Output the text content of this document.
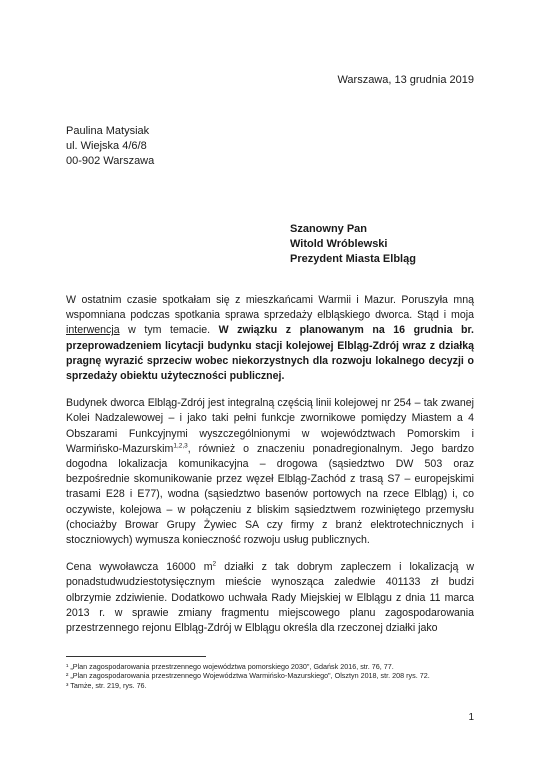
Warszawa, 13 grudnia 2019
Paulina Matysiak
ul. Wiejska 4/6/8
00-902 Warszawa
Szanowny Pan
Witold Wróblewski
Prezydent Miasta Elbląg

W ostatnim czasie spotkałam się z mieszkańcami Warmii i Mazur. Poruszyła mną wspomniana podczas spotkania sprawa sprzedaży elbląskiego dworca. Stąd i moja interwencja w tym temacie. W związku z planowanym na 16 grudnia br. przeprowadzeniem licytacji budynku stacji kolejowej Elbląg-Zdrój wraz z działką pragnę wyrazić sprzeciw wobec niekorzystnych dla rozwoju lokalnego decyzji o sprzedaży obiektu użyteczności publicznej.

Budynek dworca Elbląg-Zdrój jest integralną częścią linii kolejowej nr 254 – tak zwanej Kolei Nadzalewowej – i jako taki pełni funkcje zwornikowe pomiędzy Miastem a 4 Obszarami Funkcyjnymi wyszczególnionymi w województwach Pomorskim i Warmińsko-Mazurskim$^{1,2,3}$, również o znaczeniu ponadregionalnym. Jego bardzo dogodna lokalizacja komunikacyjna – drogowa (sąsiedztwo DW 503 oraz bezpośrednie skomunikowanie przez węzeł Elbląg-Zachód z trasą S7 – europejskimi trasami E28 i E77), wodna (sąsiedztwo basenów portowych na rzece Elbląg) i, co oczywiste, kolejowa – w połączeniu z bliskim sąsiedztwem rozwiniętego przemysłu (chociażby Browar Grupy Żywiec SA czy firmy z branż elektrotechnicznych i stoczniowych) wymusza konieczność rozwoju usług publicznych.

Cena wywoławcza 16000 $m^2$ działki z tak dobrym zapleczem i lokalizacją w ponadstudwudziestotysięcznym mieście wynosząca zaledwie 401133 zł budzi olbrzymie zdziwienie. Dodatkowo uchwała Rady Miejskiej w Elblągu z dnia 11 marca 2013 r. w sprawie zmiany fragmentu miejscowego planu zagospodarowania przestrzennego rejonu Elbląg-Zdrój w Elblągu określa dla rzeczonej działki jako

¹ „Plan zagospodarowania przestrzennego województwa pomorskiego 2030", Gdańsk 2016, str. 76, 77.
² „Plan zagospodarowania przestrzennego Województwa Warmińsko-Mazurskiego", Olsztyn 2018, str. 208 rys. 72.
³ Tamże, str. 219, rys. 76.
1
